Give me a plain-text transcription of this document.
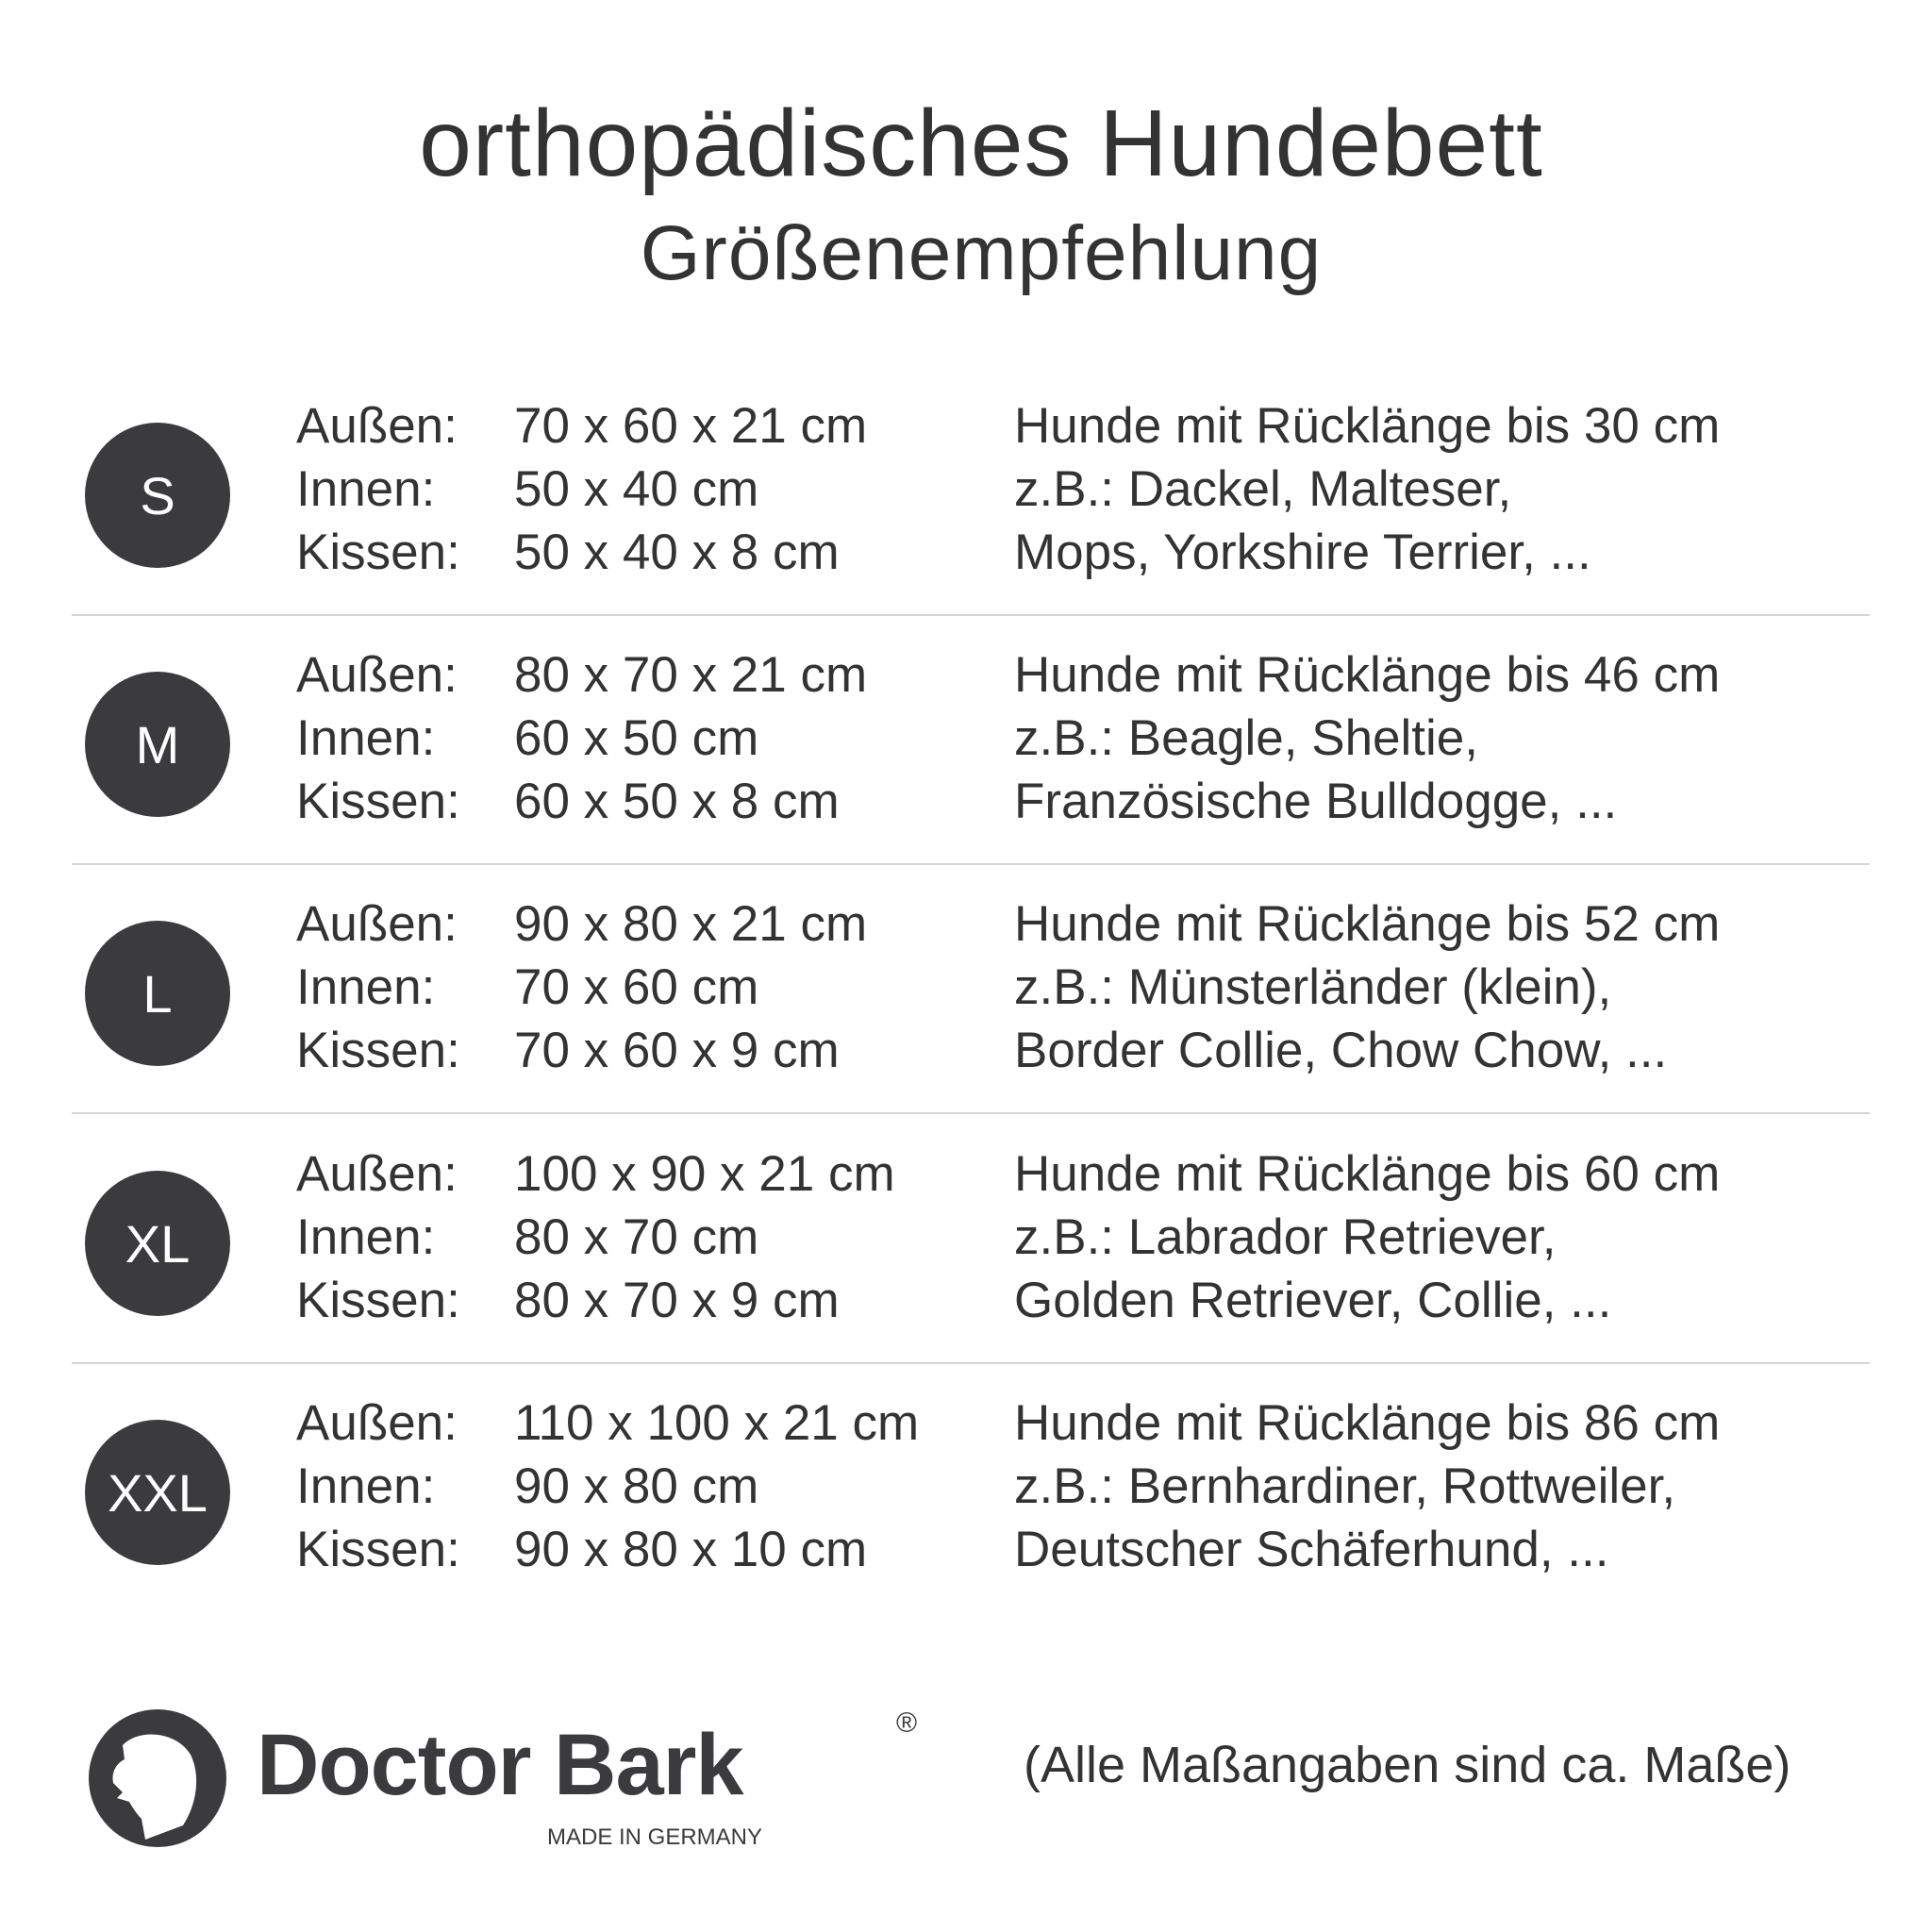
orthopädisches Hundebett
Größenempfehlung
S
Außen: 70 x 60 x 21 cm	Hunde mit Rücklänge bis 30 cm
Innen: 50 x 40 cm	z.B.: Dackel, Malteser,
Kissen: 50 x 40 x 8 cm	Mops, Yorkshire Terrier, ...
M
Außen: 80 x 70 x 21 cm	Hunde mit Rücklänge bis 46 cm
Innen: 60 x 50 cm	z.B.: Beagle, Sheltie,
Kissen: 60 x 50 x 8 cm	Französische Bulldogge, ...
L
Außen: 90 x 80 x 21 cm	Hunde mit Rücklänge bis 52 cm
Innen: 70 x 60 cm	z.B.: Münsterländer (klein),
Kissen: 70 x 60 x 9 cm	Border Collie, Chow Chow, ...
XL
Außen: 100 x 90 x 21 cm Hunde mit Rücklänge bis 60 cm
Innen: 80 x 70 cm	z.B.: Labrador Retriever,
Kissen: 80 x 70 x 9 cm	Golden Retriever, Collie, ...
XXL
Außen: 110 x 100 x 21 cm Hunde mit Rücklänge bis 86 cm
Innen: 90 x 80 cm	z.B.: Bernhardiner, Rottweiler,
Kissen: 90 x 80 x 10 cm	Deutscher Schäferhund, ...
Doctor Bark	®
MADE IN GERMANY
(Alle Maßangaben sind ca. Maße)
